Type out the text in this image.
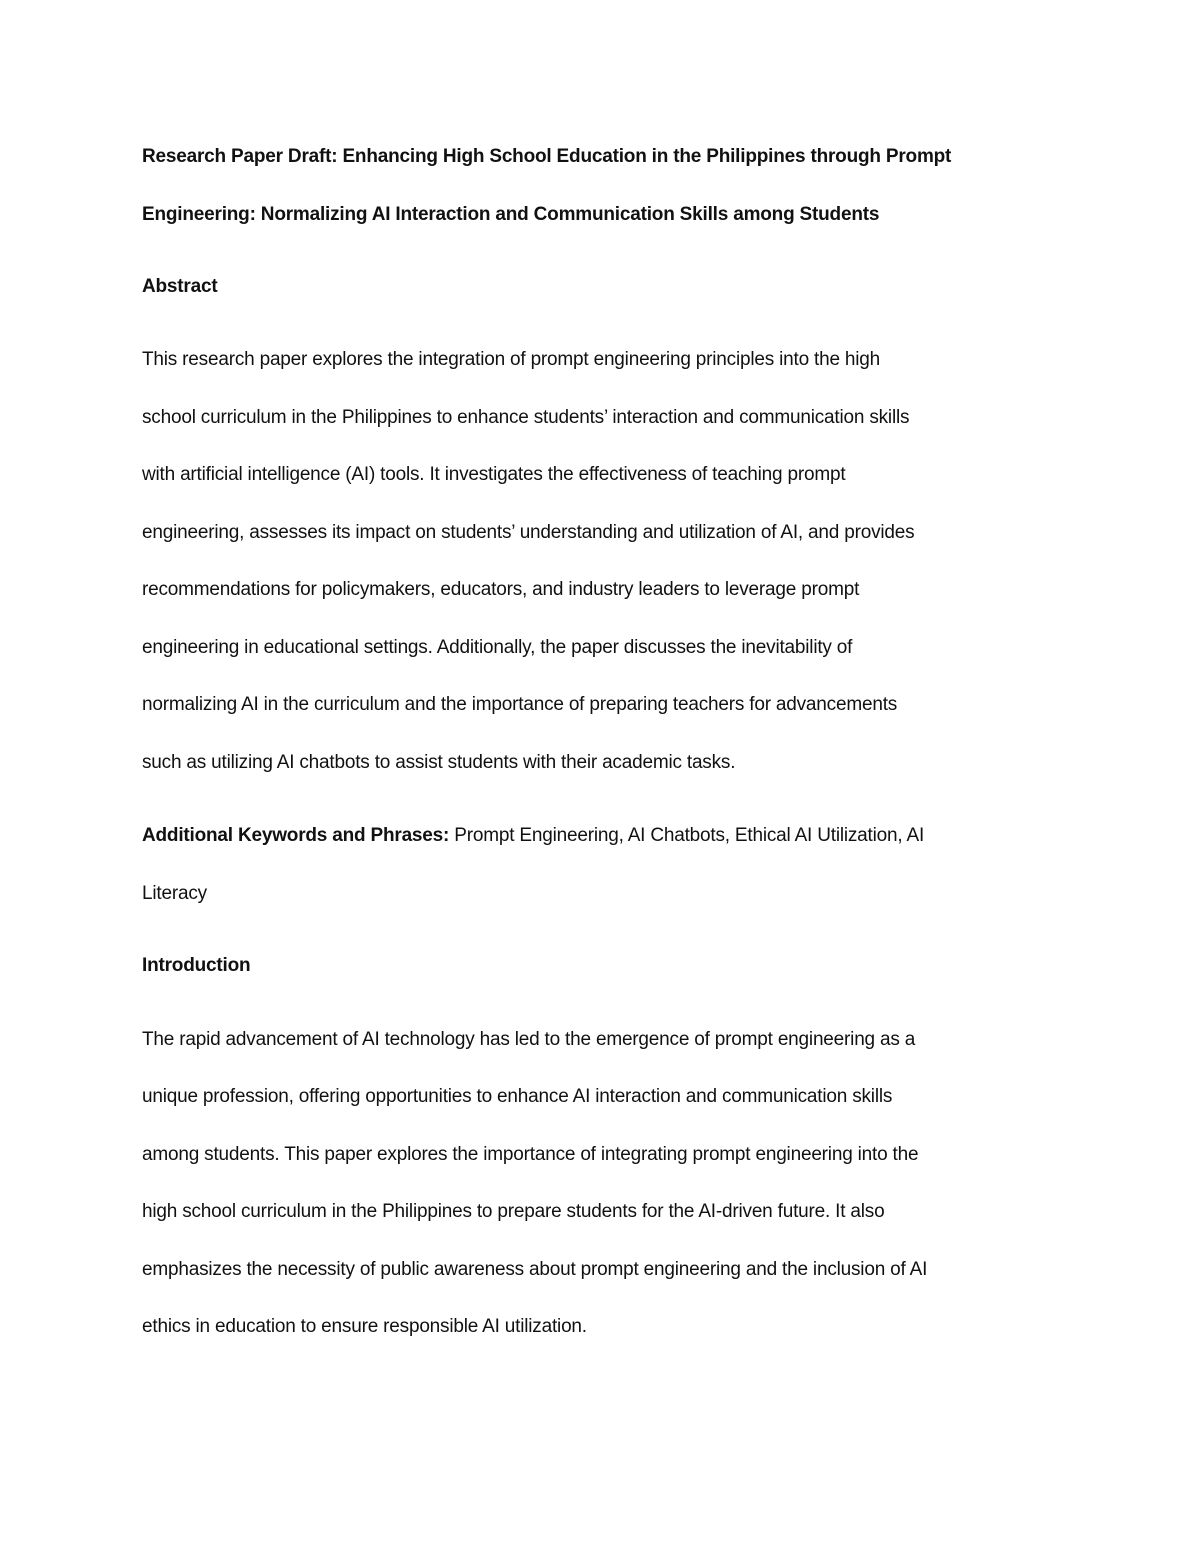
Research Paper Draft: Enhancing High School Education in the Philippines through Prompt
Engineering: Normalizing AI Interaction and Communication Skills among Students
Abstract
This research paper explores the integration of prompt engineering principles into the high
school curriculum in the Philippines to enhance students’ interaction and communication skills
with artificial intelligence (AI) tools. It investigates the effectiveness of teaching prompt
engineering, assesses its impact on students’ understanding and utilization of AI, and provides
recommendations for policymakers, educators, and industry leaders to leverage prompt
engineering in educational settings. Additionally, the paper discusses the inevitability of
normalizing AI in the curriculum and the importance of preparing teachers for advancements
such as utilizing AI chatbots to assist students with their academic tasks.
Additional Keywords and Phrases: Prompt Engineering, AI Chatbots, Ethical AI Utilization, AI
Literacy
Introduction
The rapid advancement of AI technology has led to the emergence of prompt engineering as a
unique profession, offering opportunities to enhance AI interaction and communication skills
among students. This paper explores the importance of integrating prompt engineering into the
high school curriculum in the Philippines to prepare students for the AI-driven future. It also
emphasizes the necessity of public awareness about prompt engineering and the inclusion of AI
ethics in education to ensure responsible AI utilization.
